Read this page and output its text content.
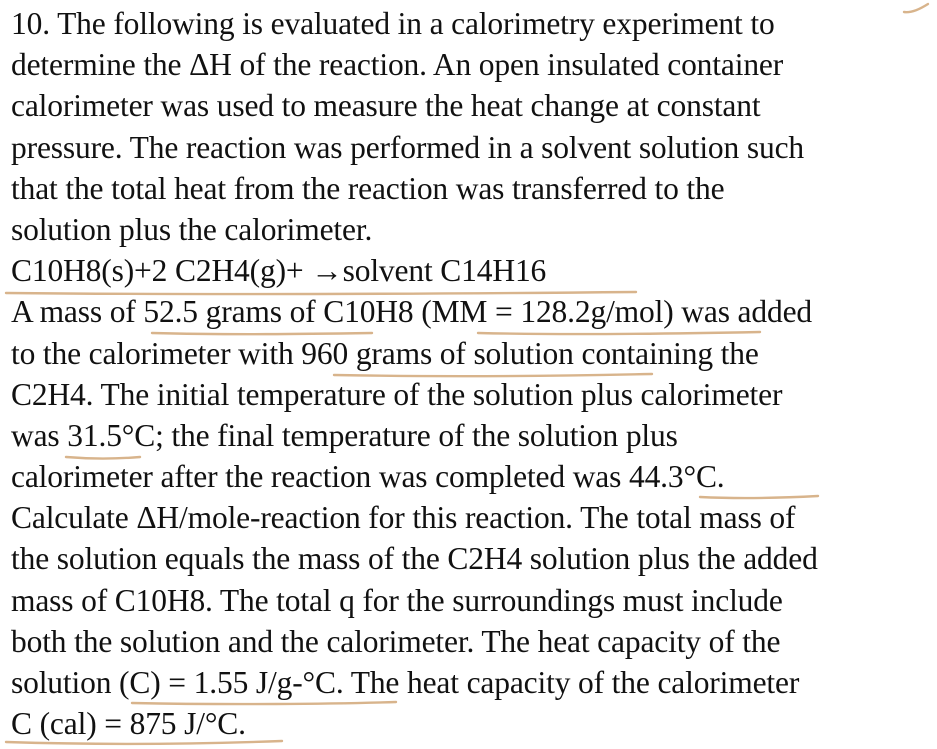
10. The following is evaluated in a calorimetry experiment to
determine the ΔH of the reaction. An open insulated container
calorimeter was used to measure the heat change at constant
pressure. The reaction was performed in a solvent solution such
that the total heat from the reaction was transferred to the
solution plus the calorimeter.
C10H8(s)+2 C2H4(g)+ →solvent C14H16
A mass of 52.5 grams of C10H8 (MM = 128.2g/mol) was added
to the calorimeter with 960 grams of solution containing the
C2H4. The initial temperature of the solution plus calorimeter
was 31.5°C; the final temperature of the solution plus
calorimeter after the reaction was completed was 44.3°C.
Calculate ΔH/mole-reaction for this reaction. The total mass of
the solution equals the mass of the C2H4 solution plus the added
mass of C10H8. The total q for the surroundings must include
both the solution and the calorimeter. The heat capacity of the
solution (C) = 1.55 J/g-°C. The heat capacity of the calorimeter
C (cal) = 875 J/°C.
